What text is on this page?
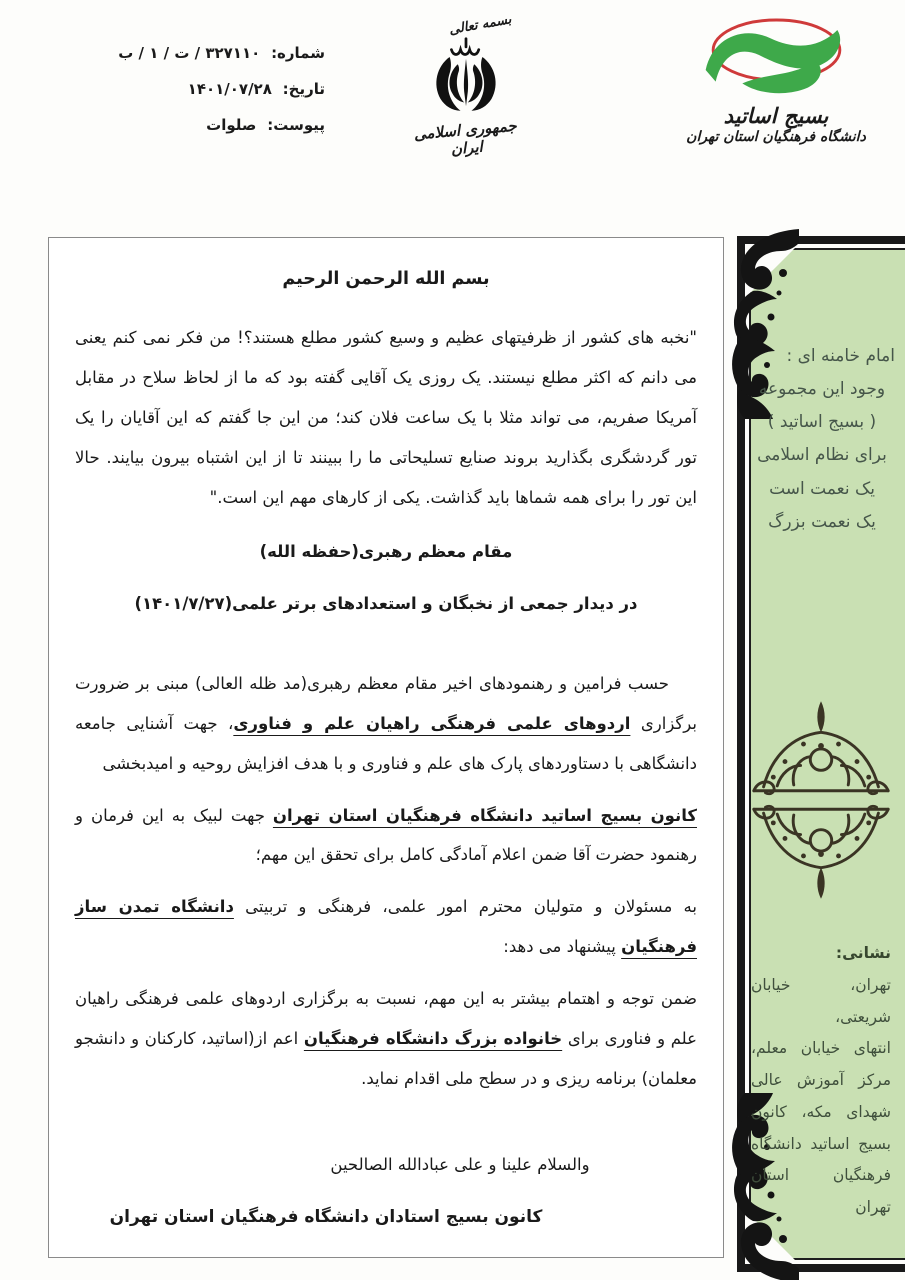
شماره: ۳۲۷۱۱۰ / ت / ۱ / ب
تاریخ: ۱۴۰۱/۰۷/۲۸
پیوست: صلوات
بسمه تعالی
جمهوری اسلامی ایران
بسیج اساتید
دانشگاه فرهنگیان استان تهران

بسم الله الرحمن الرحیم

"نخبه های کشور از ظرفیتهای عظیم و وسیع کشور مطلع هستند؟! من فکر نمی کنم یعنی می دانم که اکثر مطلع نیستند. یک روزی یک آقایی گفته بود که ما از لحاظ سلاح در مقابل آمریکا صفریم، می تواند مثلا با یک ساعت فلان کند؛ من این جا گفتم که این آقایان را یک تور گردشگری بگذارید بروند صنایع تسلیحاتی ما را ببینند تا از این اشتباه بیرون بیایند. حالا این تور را برای همه شماها باید گذاشت. یکی از کارهای مهم این است."

مقام معظم رهبری(حفظه الله)

در دیدار جمعی از نخبگان و استعدادهای برتر علمی(۱۴۰۱/۷/۲۷)

حسب فرامین و رهنمودهای اخیر مقام معظم رهبری(مد ظله العالی) مبنی بر ضرورت برگزاری اردوهای علمی فرهنگی راهیان علم و فناوری، جهت آشنایی جامعه دانشگاهی با دستاوردهای پارک های علم و فناوری و با هدف افزایش روحیه و امیدبخشی

کانون بسیج اساتید دانشگاه فرهنگیان استان تهران جهت لبیک به این فرمان و رهنمود حضرت آقا ضمن اعلام آمادگی کامل برای تحقق این مهم؛

به مسئولان و متولیان محترم امور علمی، فرهنگی و تربیتی دانشگاه تمدن ساز فرهنگیان پیشنهاد می دهد:

ضمن توجه و اهتمام بیشتر به این مهم، نسبت به برگزاری اردوهای علمی فرهنگی راهیان علم و فناوری برای خانواده بزرگ دانشگاه فرهنگیان اعم از(اساتید، کارکنان و دانشجو معلمان) برنامه ریزی و در سطح ملی اقدام نماید.

والسلام علینا و علی عبادالله الصالحین

کانون بسیج استادان دانشگاه فرهنگیان استان تهران

امام خامنه ای :
وجود این مجموعه
( بسیج اساتید )
برای نظام اسلامی
یک نعمت است
یک نعمت بزرگ
نشانی:
تهران، خیابان شریعتی،
انتهای خیابان معلم،
مرکز آموزش عالی
شهدای مکه، کانون
بسیج اساتید دانشگاه
فرهنگیان استان تهران
